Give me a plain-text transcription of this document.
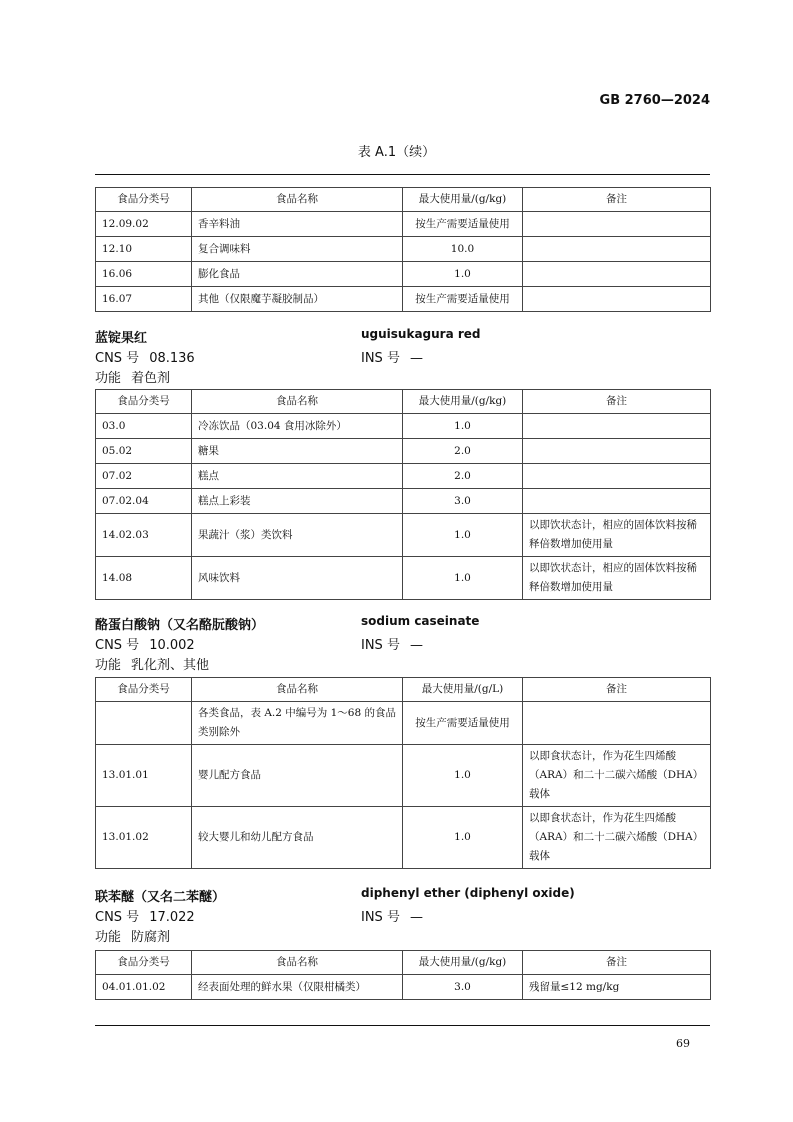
GB 2760—2024
表 A.1（续）
食品分类号	食品名称	最大使用量/(g/kg)	备注
12.09.02	香辛料油	按生产需要适量使用	
12.10	复合调味料	10.0	
16.06	膨化食品	1.0	
16.07	其他（仅限魔芋凝胶制品）	按生产需要适量使用	
蓝锭果红	uguisukagura red
CNS 号 08.136	INS 号 —
功能 着色剂
食品分类号	食品名称	最大使用量/(g/kg)	备注
03.0	冷冻饮品（03.04 食用冰除外）	1.0	
05.02	糖果	2.0	
07.02	糕点	2.0	
07.02.04	糕点上彩装	3.0	
14.02.03	果蔬汁（浆）类饮料	1.0	以即饮状态计，相应的固体饮料按稀释倍数增加使用量
14.08	风味饮料	1.0	以即饮状态计，相应的固体饮料按稀释倍数增加使用量
酪蛋白酸钠（又名酪朊酸钠）	sodium caseinate
CNS 号 10.002	INS 号 —
功能 乳化剂、其他
食品分类号	食品名称	最大使用量/(g/L)	备注
	各类食品，表 A.2 中编号为 1～68 的食品类别除外	按生产需要适量使用	
13.01.01	婴儿配方食品	1.0	以即食状态计，作为花生四烯酸（ARA）和二十二碳六烯酸（DHA）载体
13.01.02	较大婴儿和幼儿配方食品	1.0	以即食状态计，作为花生四烯酸（ARA）和二十二碳六烯酸（DHA）载体
联苯醚（又名二苯醚）	diphenyl ether (diphenyl oxide)
CNS 号 17.022	INS 号 —
功能 防腐剂
食品分类号	食品名称	最大使用量/(g/kg)	备注
04.01.01.02	经表面处理的鲜水果（仅限柑橘类）	3.0	残留量≤12 mg/kg
69
